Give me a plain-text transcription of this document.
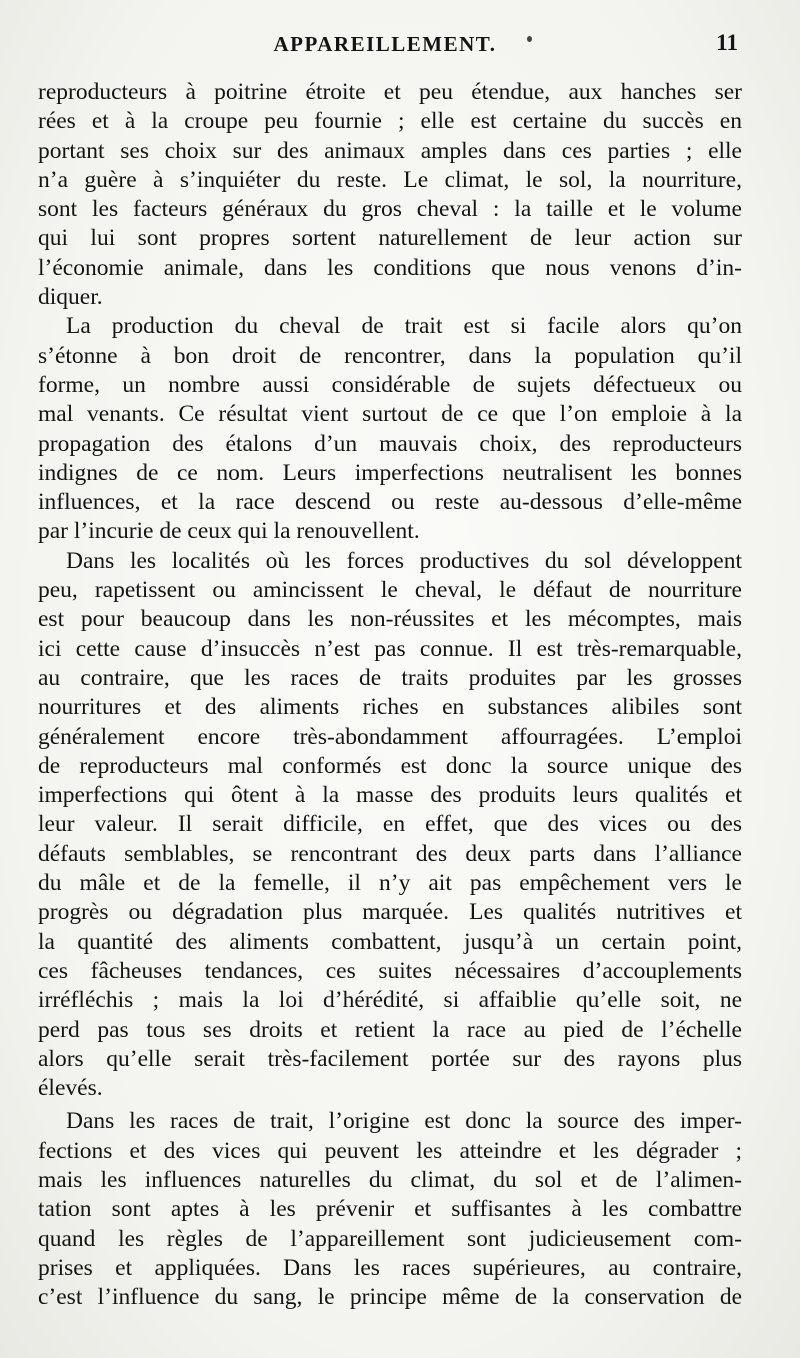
APPAREILLEMENT.	11
reproducteurs à poitrine étroite et peu étendue, aux hanches ser
rées et à la croupe peu fournie ; elle est certaine du succès en
portant ses choix sur des animaux amples dans ces parties ; elle
n’a guère à s’inquiéter du reste. Le climat, le sol, la nourriture,
sont les facteurs généraux du gros cheval : la taille et le volume
qui lui sont propres sortent naturellement de leur action sur
l’économie animale, dans les conditions que nous venons d’in-
diquer.
La production du cheval de trait est si facile alors qu’on
s’étonne à bon droit de rencontrer, dans la population qu’il
forme, un nombre aussi considérable de sujets défectueux ou
mal venants. Ce résultat vient surtout de ce que l’on emploie à la
propagation des étalons d’un mauvais choix, des reproducteurs
indignes de ce nom. Leurs imperfections neutralisent les bonnes
influences, et la race descend ou reste au-dessous d’elle-même
par l’incurie de ceux qui la renouvellent.
Dans les localités où les forces productives du sol développent
peu, rapetissent ou amincissent le cheval, le défaut de nourriture
est pour beaucoup dans les non-réussites et les mécomptes, mais
ici cette cause d’insuccès n’est pas connue. Il est très-remarquable,
au contraire, que les races de traits produites par les grosses
nourritures et des aliments riches en substances alibiles sont
généralement encore très-abondamment affourragées. L’emploi
de reproducteurs mal conformés est donc la source unique des
imperfections qui ôtent à la masse des produits leurs qualités et
leur valeur. Il serait difficile, en effet, que des vices ou des
défauts semblables, se rencontrant des deux parts dans l’alliance
du mâle et de la femelle, il n’y ait pas empêchement vers le
progrès ou dégradation plus marquée. Les qualités nutritives et
la quantité des aliments combattent, jusqu’à un certain point,
ces fâcheuses tendances, ces suites nécessaires d’accouplements
irréfléchis ; mais la loi d’hérédité, si affaiblie qu’elle soit, ne
perd pas tous ses droits et retient la race au pied de l’échelle
alors qu’elle serait très-facilement portée sur des rayons plus
élevés.
Dans les races de trait, l’origine est donc la source des imper-
fections et des vices qui peuvent les atteindre et les dégrader ;
mais les influences naturelles du climat, du sol et de l’alimen-
tation sont aptes à les prévenir et suffisantes à les combattre
quand les règles de l’appareillement sont judicieusement com-
prises et appliquées. Dans les races supérieures, au contraire,
c’est l’influence du sang, le principe même de la conservation de
